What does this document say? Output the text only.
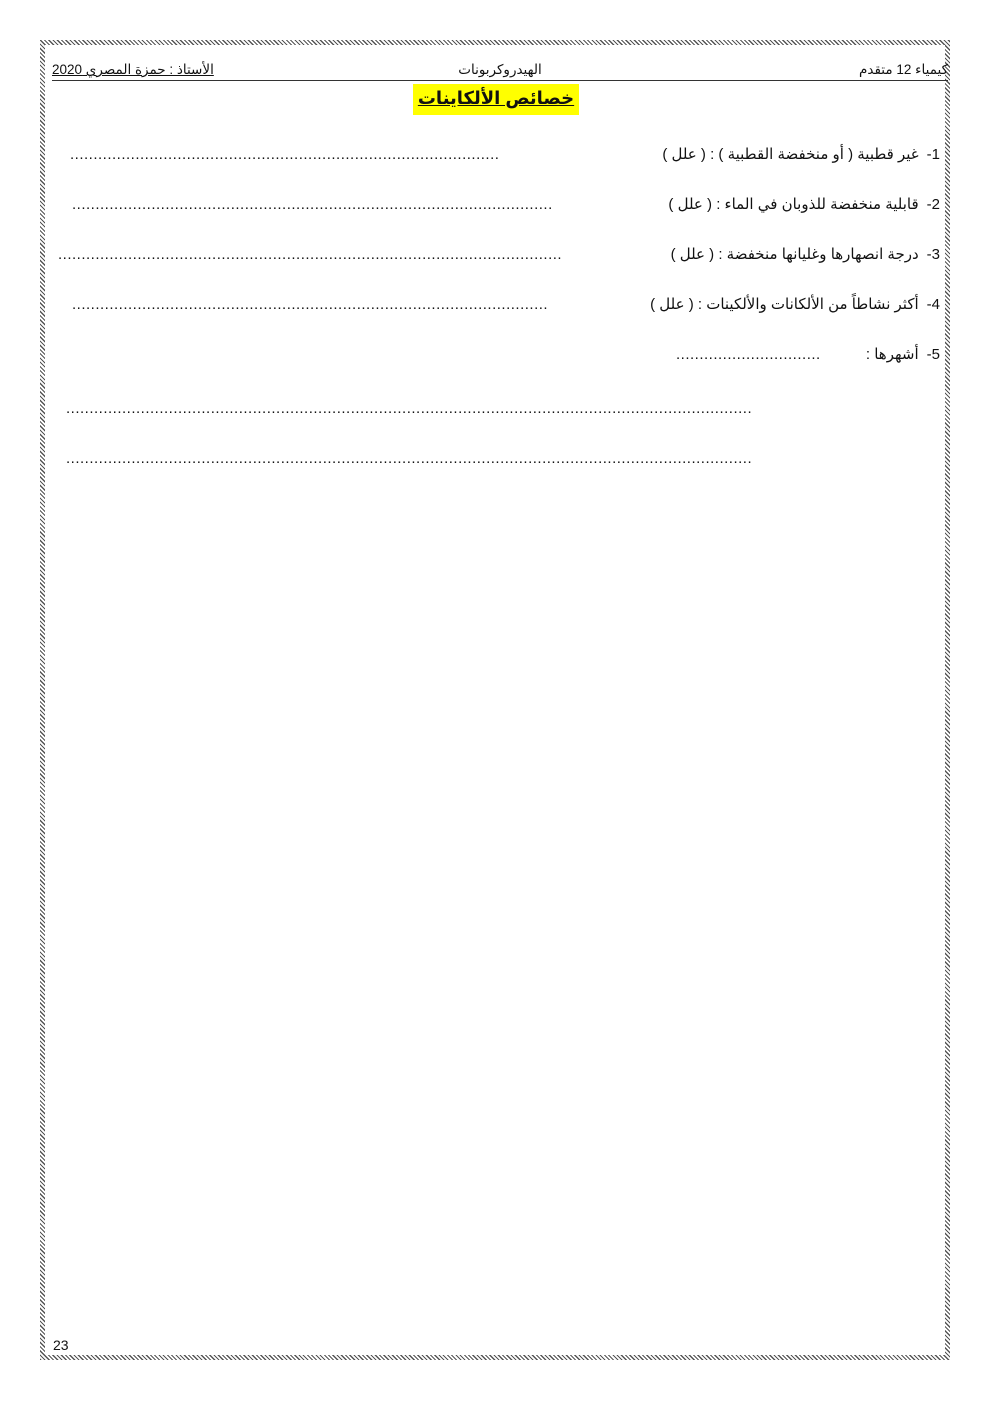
الأستاذ : حمزة المصري 2020	الهيدروكربونات	كيمياء 12 متقدم
خصائص الألكاينات
1-غير قطبية ( أو منخفضة القطبية ) : ( علل )
............................................................................................
2-قابلية منخفضة للذوبان في الماء : ( علل )
.......................................................................................................
3-درجة انصهارها وغليانها منخفضة : ( علل )
............................................................................................................
4-أكثر نشاطاً من الألكانات والألكينات : ( علل )
......................................................................................................
5-أشهرها :
...............................
...................................................................................................................................................
...................................................................................................................................................
23
